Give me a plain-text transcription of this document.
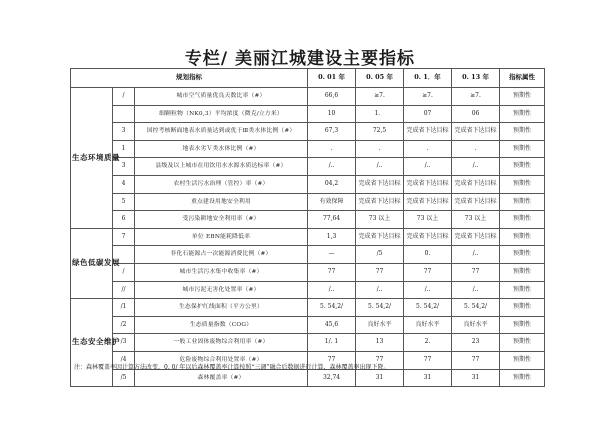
专栏/ 美丽江城建设主要指标
规划指标			0. 01 年	0. 05 年	0. 1．年	0. 13 年	指标属性
生态环境质量	/	城市空气质量优良天数比率（#）	66,6	≥7.	≥7.	≥7.	预期性
		细颗粒物（NK0,3）平均浓度（微克/立方米）	10	1．	07	06	预期性
	3	国控考核断面地表水质量达到或优于Ⅲ类水体比例（#）	67,3	72,5	完成省下达目标	完成省下达目标	预期性
	1	地表水劣Ｖ类水体比例（#）	.	.	.	.	预期性
	3	县级及以上城市在用饮用水水源水质达标率（#）	/..	/..	/..	/..	预期性
	4	农村生活污水治理（管控）率（#）	04,2	完成省下达目标	完成省下达目标	完成省下达目标	预期性
	5	重点建设用地安全利用	有效保障	完成省下达目标	完成省下达目标	完成省下达目标	预期性
	6	受污染耕地安全利用率（#）	77,64	73 以上	73 以上	73 以上	预期性
绿色低碳发展	7	单位 EBN能耗降低率	1,3	完成省下达目标	完成省下达目标	完成省下达目标	预期性
		非化石能源占一次能源消费比例（#）	—	/5	0.	/..	预期性
	/	城市生活污水集中收集率（#）	77	77	77	77	预期性
	//	城市污泥无害化处置率（#）	/..	/..	/..	/..	预期性
生态安全维护	/1	生态保护红线面积（平方公里）	5. 54,2/	5. 54,2/	5. 54,2/	5. 54,2/	预期性
	/2	生态质量指数（COG）	45,6	良好水平	良好水平	良好水平	预期性
	/3	一般工业固体废物综合利用率（#）	1/. 1	13	2.	23	预期性
	/4	危险废物综合利用处置率（#）	77	77	77	77	预期性
	/5	森林覆盖率（#）	32,74	31	31	31	预期性
注：森林覆盖率因计算方法改变，0. 0/ 年以后森林覆盖率计算按照“三调”融合后数据进行计算，森林覆盖率出现下降。
